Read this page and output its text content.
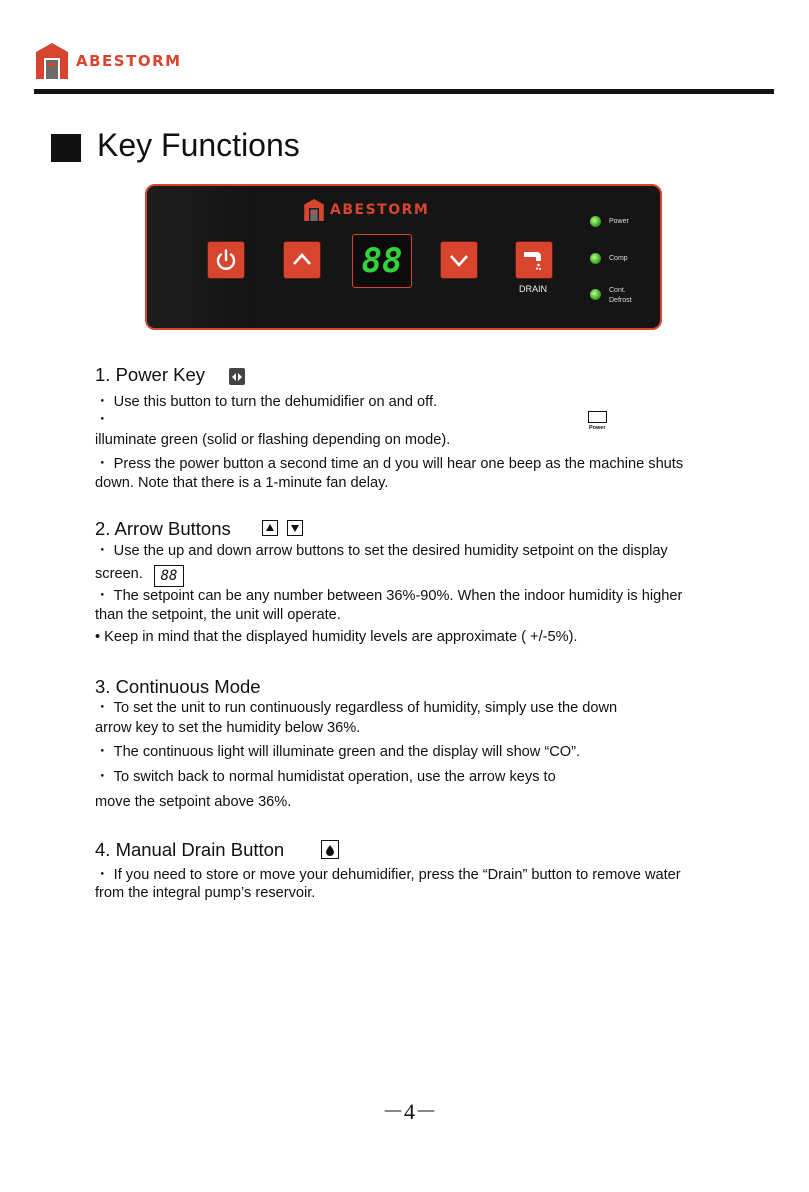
ABESTORM
Key Functions
ABESTORM
88
DRAIN
Power
Comp
Cont.
Defrost
1. Power Key

・ Use this button to turn the dehumidifier on and off.

・	Power

illuminate green (solid or flashing depending on mode).

・ Press the power button a second time an d you will hear one beep as the machine shuts

down. Note that there is a 1-minute fan delay.

2. Arrow Buttons

・ Use the up and down arrow buttons to set the desired humidity setpoint on the display

screen.	88

・ The setpoint can be any number between 36%-90%. When the indoor humidity is higher

than the setpoint, the unit will operate.

• Keep in mind that the displayed humidity levels are approximate ( +/-5%).

3. Continuous Mode

・ To set the unit to run continuously regardless of humidity, simply use the down

arrow key to set the humidity below 36%.

・ The continuous light will illuminate green and the display will show “CO”.

・ To switch back to normal humidistat operation, use the arrow keys to

move the setpoint above 36%.

4. Manual Drain Button

・ If you need to store or move your dehumidifier, press the “Drain” button to remove water

from the integral pump’s reservoir.

－4－
